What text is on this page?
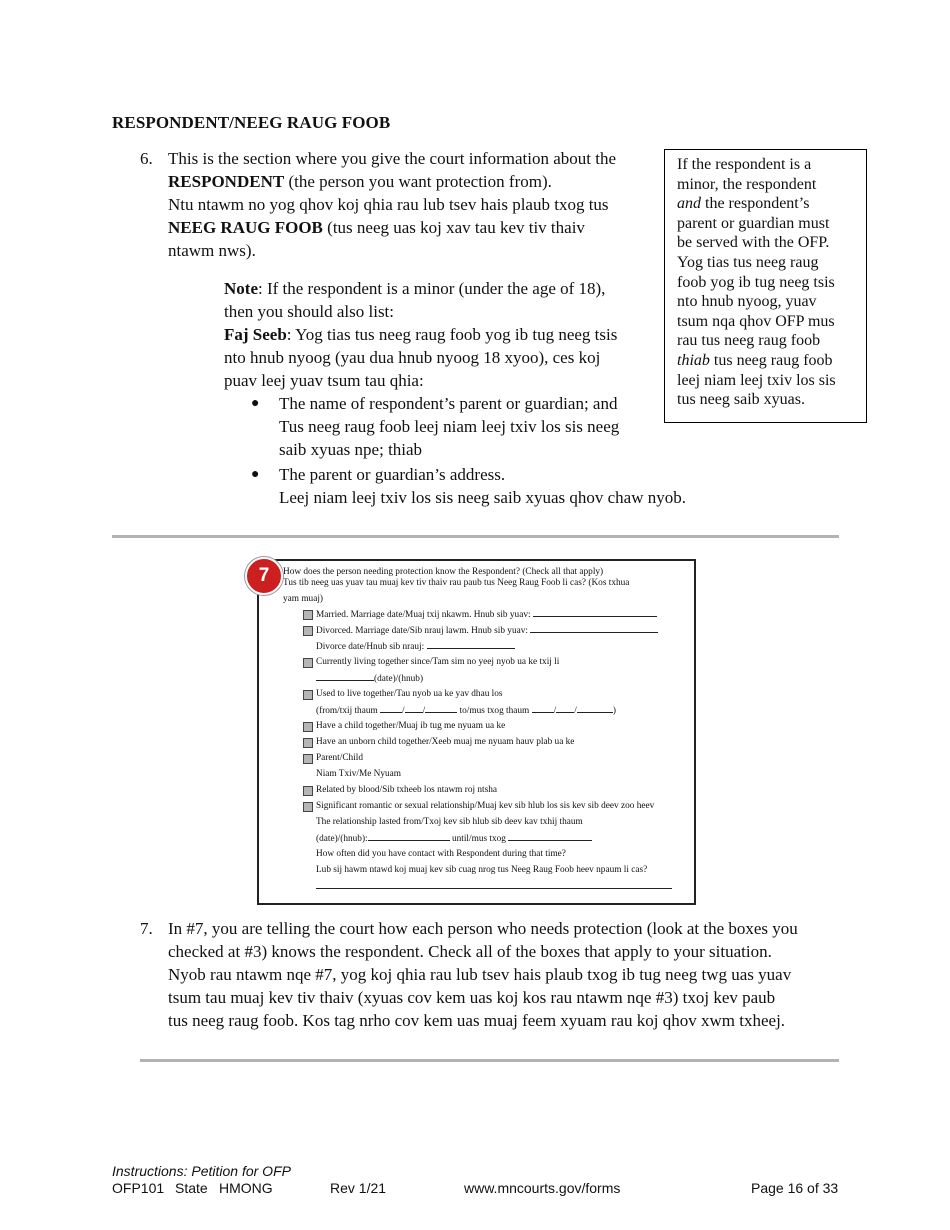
RESPONDENT/NEEG RAUG FOOB
6. This is the section where you give the court information about the
RESPONDENT (the person you want protection from).
Ntu ntawm no yog qhov koj qhia rau lub tsev hais plaub txog tus
NEEG RAUG FOOB (tus neeg uas koj xav tau kev tiv thaiv
ntawm nws).
If the respondent is a
minor, the respondent
and the respondent’s
parent or guardian must
be served with the OFP.
Yog tias tus neeg raug
foob yog ib tug neeg tsis
nto hnub nyoog, yuav
tsum nqa qhov OFP mus
rau tus neeg raug foob
thiab tus neeg raug foob
leej niam leej txiv los sis
tus neeg saib xyuas.
Note: If the respondent is a minor (under the age of 18),
then you should also list:
Faj Seeb: Yog tias tus neeg raug foob yog ib tug neeg tsis
nto hnub nyoog (yau dua hnub nyoog 18 xyoo), ces koj
puav leej yuav tsum tau qhia:
● The name of respondent’s parent or guardian; and
Tus neeg raug foob leej niam leej txiv los sis neeg
saib xyuas npe; thiab
● The parent or guardian’s address.
Leej niam leej txiv los sis neeg saib xyuas qhov chaw nyob.
How does the person needing protection know the Respondent? (Check all that apply)
Tus tib neeg uas yuav tau muaj kev tiv thaiv rau paub tus Neeg Raug Foob li cas? (Kos txhua
yam muaj)
Married. Marriage date/Muaj txij nkawm. Hnub sib yuav:
Divorced. Marriage date/Sib nrauj lawm. Hnub sib yuav:
Divorce date/Hnub sib nrauj:
Currently living together since/Tam sim no yeej nyob ua ke txij li
(date)/(hnub)
Used to live together/Tau nyob ua ke yav dhau los
(from/txij thaum	/ /	to/mus txog thaum	/ /	)
Have a child together/Muaj ib tug me nyuam ua ke
Have an unborn child together/Xeeb muaj me nyuam hauv plab ua ke
Parent/Child
Niam Txiv/Me Nyuam
Related by blood/Sib txheeb los ntawm roj ntsha
Significant romantic or sexual relationship/Muaj kev sib hlub los sis kev sib deev zoo heev
The relationship lasted from/Txoj kev sib hlub sib deev kav txhij thaum
(date)/(hnub):	until/mus txog
How often did you have contact with Respondent during that time?
Lub sij hawm ntawd koj muaj kev sib cuag nrog tus Neeg Raug Foob heev npaum li cas?
7
7. In #7, you are telling the court how each person who needs protection (look at the boxes you
checked at #3) knows the respondent. Check all of the boxes that apply to your situation.
Nyob rau ntawm nqe #7, yog koj qhia rau lub tsev hais plaub txog ib tug neeg twg uas yuav
tsum tau muaj kev tiv thaiv (xyuas cov kem uas koj kos rau ntawm nqe #3) txoj kev paub
tus neeg raug foob. Kos tag nrho cov kem uas muaj feem xyuam rau koj qhov xwm txheej.
Instructions: Petition for OFP
OFP101 State HMONG	Rev 1/21	www.mncourts.gov/forms	Page 16 of 33
